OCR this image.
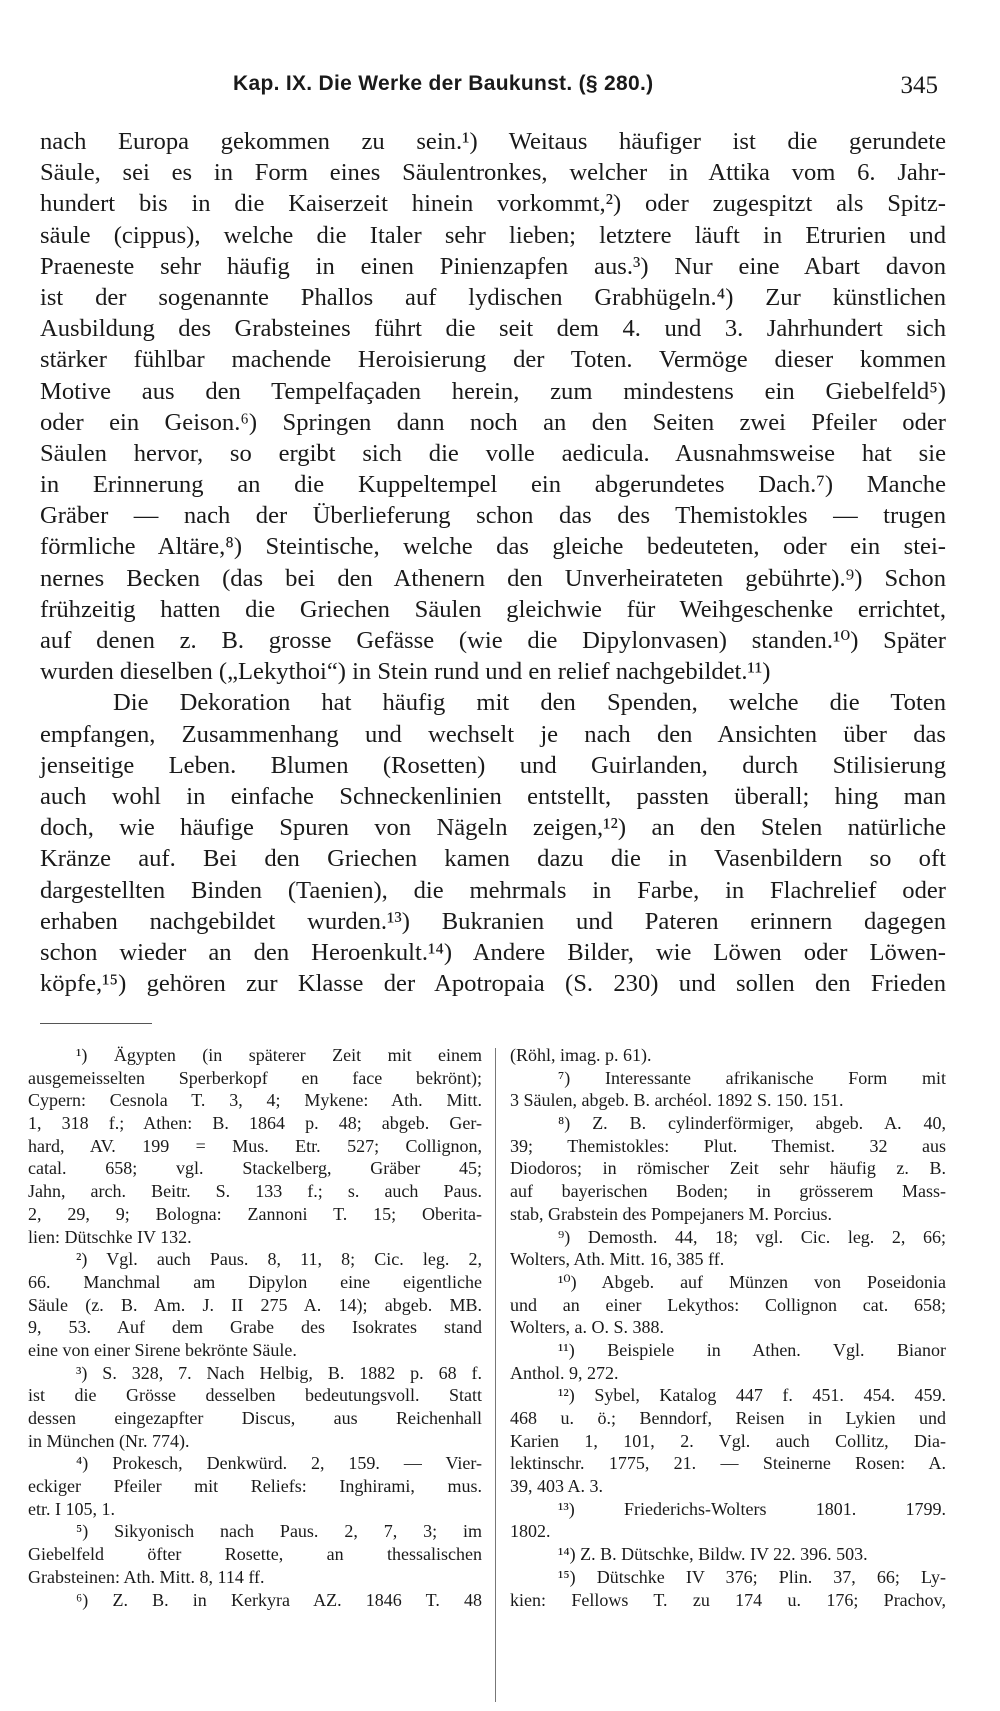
Kap. IX. Die Werke der Baukunst. (§ 280.)	345
nach Europa gekommen zu sein.¹) Weitaus häufiger ist die gerundete
Säule, sei es in Form eines Säulentronkes, welcher in Attika vom 6. Jahr-
hundert bis in die Kaiserzeit hinein vorkommt,²) oder zugespitzt als Spitz-
säule (cippus), welche die Italer sehr lieben; letztere läuft in Etrurien und
Praeneste sehr häufig in einen Pinienzapfen aus.³) Nur eine Abart davon
ist der sogenannte Phallos auf lydischen Grabhügeln.⁴) Zur künstlichen
Ausbildung des Grabsteines führt die seit dem 4. und 3. Jahrhundert sich
stärker fühlbar machende Heroisierung der Toten. Vermöge dieser kommen
Motive aus den Tempelfaçaden herein, zum mindestens ein Giebelfeld⁵)
oder ein Geison.⁶) Springen dann noch an den Seiten zwei Pfeiler oder
Säulen hervor, so ergibt sich die volle aedicula. Ausnahmsweise hat sie
in Erinnerung an die Kuppeltempel ein abgerundetes Dach.⁷) Manche
Gräber — nach der Überlieferung schon das des Themistokles — trugen
förmliche Altäre,⁸) Steintische, welche das gleiche bedeuteten, oder ein stei-
nernes Becken (das bei den Athenern den Unverheirateten gebührte).⁹) Schon
frühzeitig hatten die Griechen Säulen gleichwie für Weihgeschenke errichtet,
auf denen z. B. grosse Gefässe (wie die Dipylonvasen) standen.¹⁰) Später
wurden dieselben („Lekythoi“) in Stein rund und en relief nachgebildet.¹¹)
Die Dekoration hat häufig mit den Spenden, welche die Toten
empfangen, Zusammenhang und wechselt je nach den Ansichten über das
jenseitige Leben. Blumen (Rosetten) und Guirlanden, durch Stilisierung
auch wohl in einfache Schneckenlinien entstellt, passten überall; hing man
doch, wie häufige Spuren von Nägeln zeigen,¹²) an den Stelen natürliche
Kränze auf. Bei den Griechen kamen dazu die in Vasenbildern so oft
dargestellten Binden (Taenien), die mehrmals in Farbe, in Flachrelief oder
erhaben nachgebildet wurden.¹³) Bukranien und Pateren erinnern dagegen
schon wieder an den Heroenkult.¹⁴) Andere Bilder, wie Löwen oder Löwen-
köpfe,¹⁵) gehören zur Klasse der Apotropaia (S. 230) und sollen den Frieden
¹) Ägypten (in späterer Zeit mit einem
ausgemeisselten Sperberkopf en face bekrönt);
Cypern: Cesnola T. 3, 4; Mykene: Ath. Mitt.
1, 318 f.; Athen: B. 1864 p. 48; abgeb. Ger-
hard, AV. 199 = Mus. Etr. 527; Collignon,
catal. 658; vgl. Stackelberg, Gräber 45;
Jahn, arch. Beitr. S. 133 f.; s. auch Paus.
2, 29, 9; Bologna: Zannoni T. 15; Oberita-
lien: Dütschke IV 132.
²) Vgl. auch Paus. 8, 11, 8; Cic. leg. 2,
66. Manchmal am Dipylon eine eigentliche
Säule (z. B. Am. J. II 275 A. 14); abgeb. MB.
9, 53. Auf dem Grabe des Isokrates stand
eine von einer Sirene bekrönte Säule.
³) S. 328, 7. Nach Helbig, B. 1882 p. 68 f.
ist die Grösse desselben bedeutungsvoll. Statt
dessen eingezapfter Discus, aus Reichenhall
in München (Nr. 774).
⁴) Prokesch, Denkwürd. 2, 159. — Vier-
eckiger Pfeiler mit Reliefs: Inghirami, mus.
etr. I 105, 1.
⁵) Sikyonisch nach Paus. 2, 7, 3; im
Giebelfeld öfter Rosette, an thessalischen
Grabsteinen: Ath. Mitt. 8, 114 ff.
⁶) Z. B. in Kerkyra AZ. 1846 T. 48
(Röhl, imag. p. 61).
⁷) Interessante afrikanische Form mit
3 Säulen, abgeb. B. archéol. 1892 S. 150. 151.
⁸) Z. B. cylinderförmiger, abgeb. A. 40,
39; Themistokles: Plut. Themist. 32 aus
Diodoros; in römischer Zeit sehr häufig z. B.
auf bayerischen Boden; in grösserem Mass-
stab, Grabstein des Pompejaners M. Porcius.
⁹) Demosth. 44, 18; vgl. Cic. leg. 2, 66;
Wolters, Ath. Mitt. 16, 385 ff.
¹⁰) Abgeb. auf Münzen von Poseidonia
und an einer Lekythos: Collignon cat. 658;
Wolters, a. O. S. 388.
¹¹) Beispiele in Athen. Vgl. Bianor
Anthol. 9, 272.
¹²) Sybel, Katalog 447 f. 451. 454. 459.
468 u. ö.; Benndorf, Reisen in Lykien und
Karien 1, 101, 2. Vgl. auch Collitz, Dia-
lektinschr. 1775, 21. — Steinerne Rosen: A.
39, 403 A. 3.
¹³) Friederichs-Wolters 1801. 1799.
1802.
¹⁴) Z. B. Dütschke, Bildw. IV 22. 396. 503.
¹⁵) Dütschke IV 376; Plin. 37, 66; Ly-
kien: Fellows T. zu 174 u. 176; Prachov,
